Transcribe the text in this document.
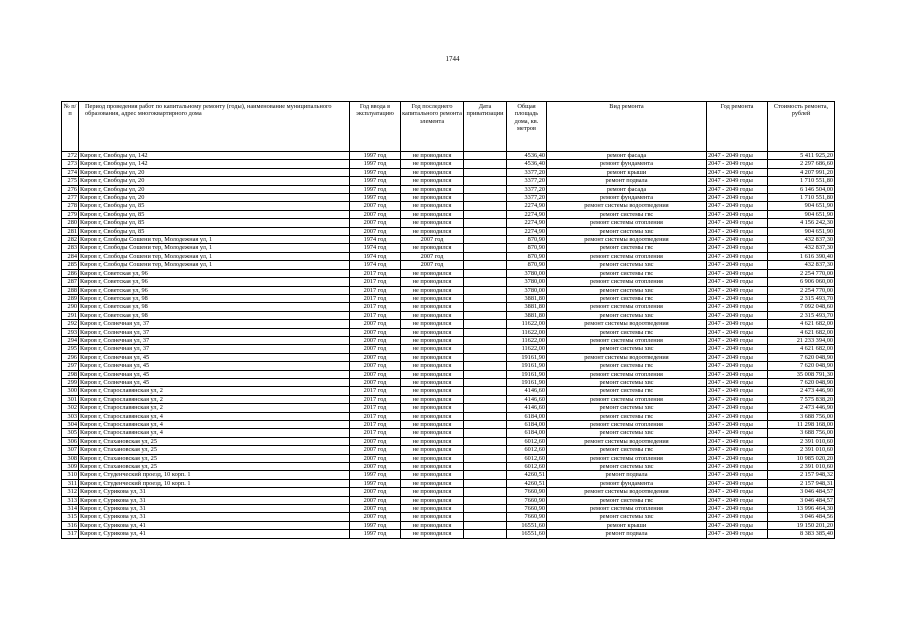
1744
№ п/п	Период проведения работ по капитальному ремонту (годы), наименование муниципального образования, адрес многоквартирного дома	Год ввода в эксплуатацию	Год последнего капитального ремонта элемента	Дата приватизации	Общая площадь дома, кв. метров	Вид ремонта	Год ремонта	Стоимость ремонта, рублей
272	Киров г, Свободы ул, 142	1997 год	не проводился		4536,40	ремонт фасада	2047 - 2049 годы	5 411 925,20
273	Киров г, Свободы ул, 142	1997 год	не проводился		4536,40	ремонт фундамента	2047 - 2049 годы	2 297 686,60
274	Киров г, Свободы ул, 20	1997 год	не проводился		3377,20	ремонт крыши	2047 - 2049 годы	4 207 991,20
275	Киров г, Свободы ул, 20	1997 год	не проводился		3377,20	ремонт подвала	2047 - 2049 годы	1 710 551,80
276	Киров г, Свободы ул, 20	1997 год	не проводился		3377,20	ремонт фасада	2047 - 2049 годы	6 146 504,00
277	Киров г, Свободы ул, 20	1997 год	не проводился		3377,20	ремонт фундамента	2047 - 2049 годы	1 710 551,80
278	Киров г, Свободы ул, 85	2007 год	не проводился		2274,90	ремонт системы водоотведения	2047 - 2049 годы	904 651,90
279	Киров г, Свободы ул, 85	2007 год	не проводился		2274,90	ремонт системы гвс	2047 - 2049 годы	904 651,90
280	Киров г, Свободы ул, 85	2007 год	не проводился		2274,90	ремонт системы отопления	2047 - 2049 годы	4 156 242,30
281	Киров г, Свободы ул, 85	2007 год	не проводился		2274,90	ремонт системы хвс	2047 - 2049 годы	904 651,90
282	Киров г, Слободы Сошени тер, Молодежная ул, 1	1974 год	2007 год		870,90	ремонт системы водоотведения	2047 - 2049 годы	432 837,30
283	Киров г, Слободы Сошени тер, Молодежная ул, 1	1974 год	не проводился		870,90	ремонт системы гвс	2047 - 2049 годы	432 837,30
284	Киров г, Слободы Сошени тер, Молодежная ул, 1	1974 год	2007 год		870,90	ремонт системы отопления	2047 - 2049 годы	1 616 390,40
285	Киров г, Слободы Сошени тер, Молодежная ул, 1	1974 год	2007 год		870,90	ремонт системы хвс	2047 - 2049 годы	432 837,30
286	Киров г, Советская ул, 96	2017 год	не проводился		3780,00	ремонт системы гвс	2047 - 2049 годы	2 254 770,00
287	Киров г, Советская ул, 96	2017 год	не проводился		3780,00	ремонт системы отопления	2047 - 2049 годы	6 906 060,00
288	Киров г, Советская ул, 96	2017 год	не проводился		3780,00	ремонт системы хвс	2047 - 2049 годы	2 254 770,00
289	Киров г, Советская ул, 98	2017 год	не проводился		3881,80	ремонт системы гвс	2047 - 2049 годы	2 315 493,70
290	Киров г, Советская ул, 98	2017 год	не проводился		3881,80	ремонт системы отопления	2047 - 2049 годы	7 092 048,60
291	Киров г, Советская ул, 98	2017 год	не проводился		3881,80	ремонт системы хвс	2047 - 2049 годы	2 315 493,70
292	Киров г, Солнечная ул, 37	2007 год	не проводился		11622,00	ремонт системы водоотведения	2047 - 2049 годы	4 621 682,00
293	Киров г, Солнечная ул, 37	2007 год	не проводился		11622,00	ремонт системы гвс	2047 - 2049 годы	4 621 682,00
294	Киров г, Солнечная ул, 37	2007 год	не проводился		11622,00	ремонт системы отопления	2047 - 2049 годы	21 233 394,00
295	Киров г, Солнечная ул, 37	2007 год	не проводился		11622,00	ремонт системы хвс	2047 - 2049 годы	4 621 682,00
296	Киров г, Солнечная ул, 45	2007 год	не проводился		19161,90	ремонт системы водоотведения	2047 - 2049 годы	7 620 048,90
297	Киров г, Солнечная ул, 45	2007 год	не проводился		19161,90	ремонт системы гвс	2047 - 2049 годы	7 620 048,90
298	Киров г, Солнечная ул, 45	2007 год	не проводился		19161,90	ремонт системы отопления	2047 - 2049 годы	35 008 791,30
299	Киров г, Солнечная ул, 45	2007 год	не проводился		19161,90	ремонт системы хвс	2047 - 2049 годы	7 620 048,90
300	Киров г, Старославянская ул, 2	2017 год	не проводился		4146,60	ремонт системы гвс	2047 - 2049 годы	2 473 446,90
301	Киров г, Старославянская ул, 2	2017 год	не проводился		4146,60	ремонт системы отопления	2047 - 2049 годы	7 575 838,20
302	Киров г, Старославянская ул, 2	2017 год	не проводился		4146,60	ремонт системы хвс	2047 - 2049 годы	2 473 446,90
303	Киров г, Старославянская ул, 4	2017 год	не проводился		6184,00	ремонт системы гвс	2047 - 2049 годы	3 688 756,00
304	Киров г, Старославянская ул, 4	2017 год	не проводился		6184,00	ремонт системы отопления	2047 - 2049 годы	11 298 168,00
305	Киров г, Старославянская ул, 4	2017 год	не проводился		6184,00	ремонт системы хвс	2047 - 2049 годы	3 688 756,00
306	Киров г, Стахановская ул, 25	2007 год	не проводился		6012,60	ремонт системы водоотведения	2047 - 2049 годы	2 391 010,60
307	Киров г, Стахановская ул, 25	2007 год	не проводился		6012,60	ремонт системы гвс	2047 - 2049 годы	2 391 010,60
308	Киров г, Стахановская ул, 25	2007 год	не проводился		6012,60	ремонт системы отопления	2047 - 2049 годы	10 985 020,20
309	Киров г, Стахановская ул, 25	2007 год	не проводился		6012,60	ремонт системы хвс	2047 - 2049 годы	2 391 010,60
310	Киров г, Студенческий проезд, 10 корп. 1	1997 год	не проводился		4260,51	ремонт подвала	2047 - 2049 годы	2 157 948,32
311	Киров г, Студенческий проезд, 10 корп. 1	1997 год	не проводился		4260,51	ремонт фундамента	2047 - 2049 годы	2 157 948,31
312	Киров г, Сурикова ул, 31	2007 год	не проводился		7660,90	ремонт системы водоотведения	2047 - 2049 годы	3 046 484,57
313	Киров г, Сурикова ул, 31	2007 год	не проводился		7660,90	ремонт системы гвс	2047 - 2049 годы	3 046 484,57
314	Киров г, Сурикова ул, 31	2007 год	не проводился		7660,90	ремонт системы отопления	2047 - 2049 годы	13 996 464,30
315	Киров г, Сурикова ул, 31	2007 год	не проводился		7660,90	ремонт системы хвс	2047 - 2049 годы	3 046 484,56
316	Киров г, Сурикова ул, 41	1997 год	не проводился		16551,60	ремонт крыши	2047 - 2049 годы	19 150 201,20
317	Киров г, Сурикова ул, 41	1997 год	не проводился		16551,60	ремонт подвала	2047 - 2049 годы	8 383 385,40
